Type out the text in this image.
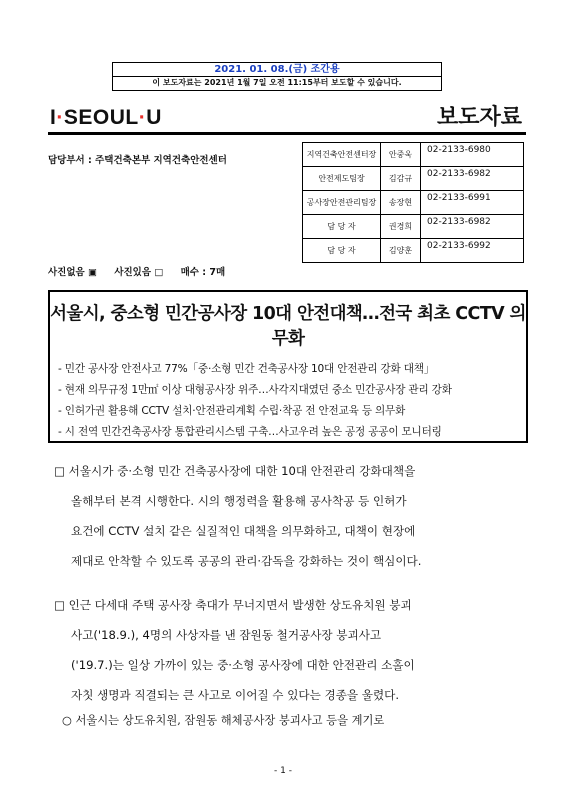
2021. 01. 08.(금) 조간용
이 보도자료는 2021년 1월 7일 오전 11:15부터 보도할 수 있습니다.
I·SEOUL·U	보도자료
담당부서 : 주택건축본부 지역건축안전센터
사진없음 ▣ 사진있음 □ 매수 : 7매
지역건축안전센터장	안중욱	02-2133-6980
안전제도팀장	김감규	02-2133-6982
공사장안전관리팀장	송장현	02-2133-6991
담 당 자	권경희	02-2133-6982
담 당 자	김양훈	02-2133-6992
서울시, 중소형 민간공사장 10대 안전대책…전국 최초 CCTV 의무화
- 민간 공사장 안전사고 77%「중·소형 민간 건축공사장 10대 안전관리 강화 대책」
- 현재 의무규정 1만㎡ 이상 대형공사장 위주…사각지대였던 중소 민간공사장 관리 강화
- 인허가권 활용해 CCTV 설치·안전관리계획 수립·착공 전 안전교육 등 의무화
- 시 전역 민간건축공사장 통합관리시스템 구축…사고우려 높은 공정 공공이 모니터링
□ 서울시가 중·소형 민간 건축공사장에 대한 10대 안전관리 강화대책을
올해부터 본격 시행한다. 시의 행정력을 활용해 공사착공 등 인허가
요건에 CCTV 설치 같은 실질적인 대책을 의무화하고, 대책이 현장에
제대로 안착할 수 있도록 공공의 관리·감독을 강화하는 것이 핵심이다.
□ 인근 다세대 주택 공사장 축대가 무너지면서 발생한 상도유치원 붕괴
사고('18.9.), 4명의 사상자를 낸 잠원동 철거공사장 붕괴사고
('19.7.)는 일상 가까이 있는 중·소형 공사장에 대한 안전관리 소홀이
자칫 생명과 직결되는 큰 사고로 이어질 수 있다는 경종을 울렸다.
○ 서울시는 상도유치원, 잠원동 해체공사장 붕괴사고 등을 계기로
- 1 -
